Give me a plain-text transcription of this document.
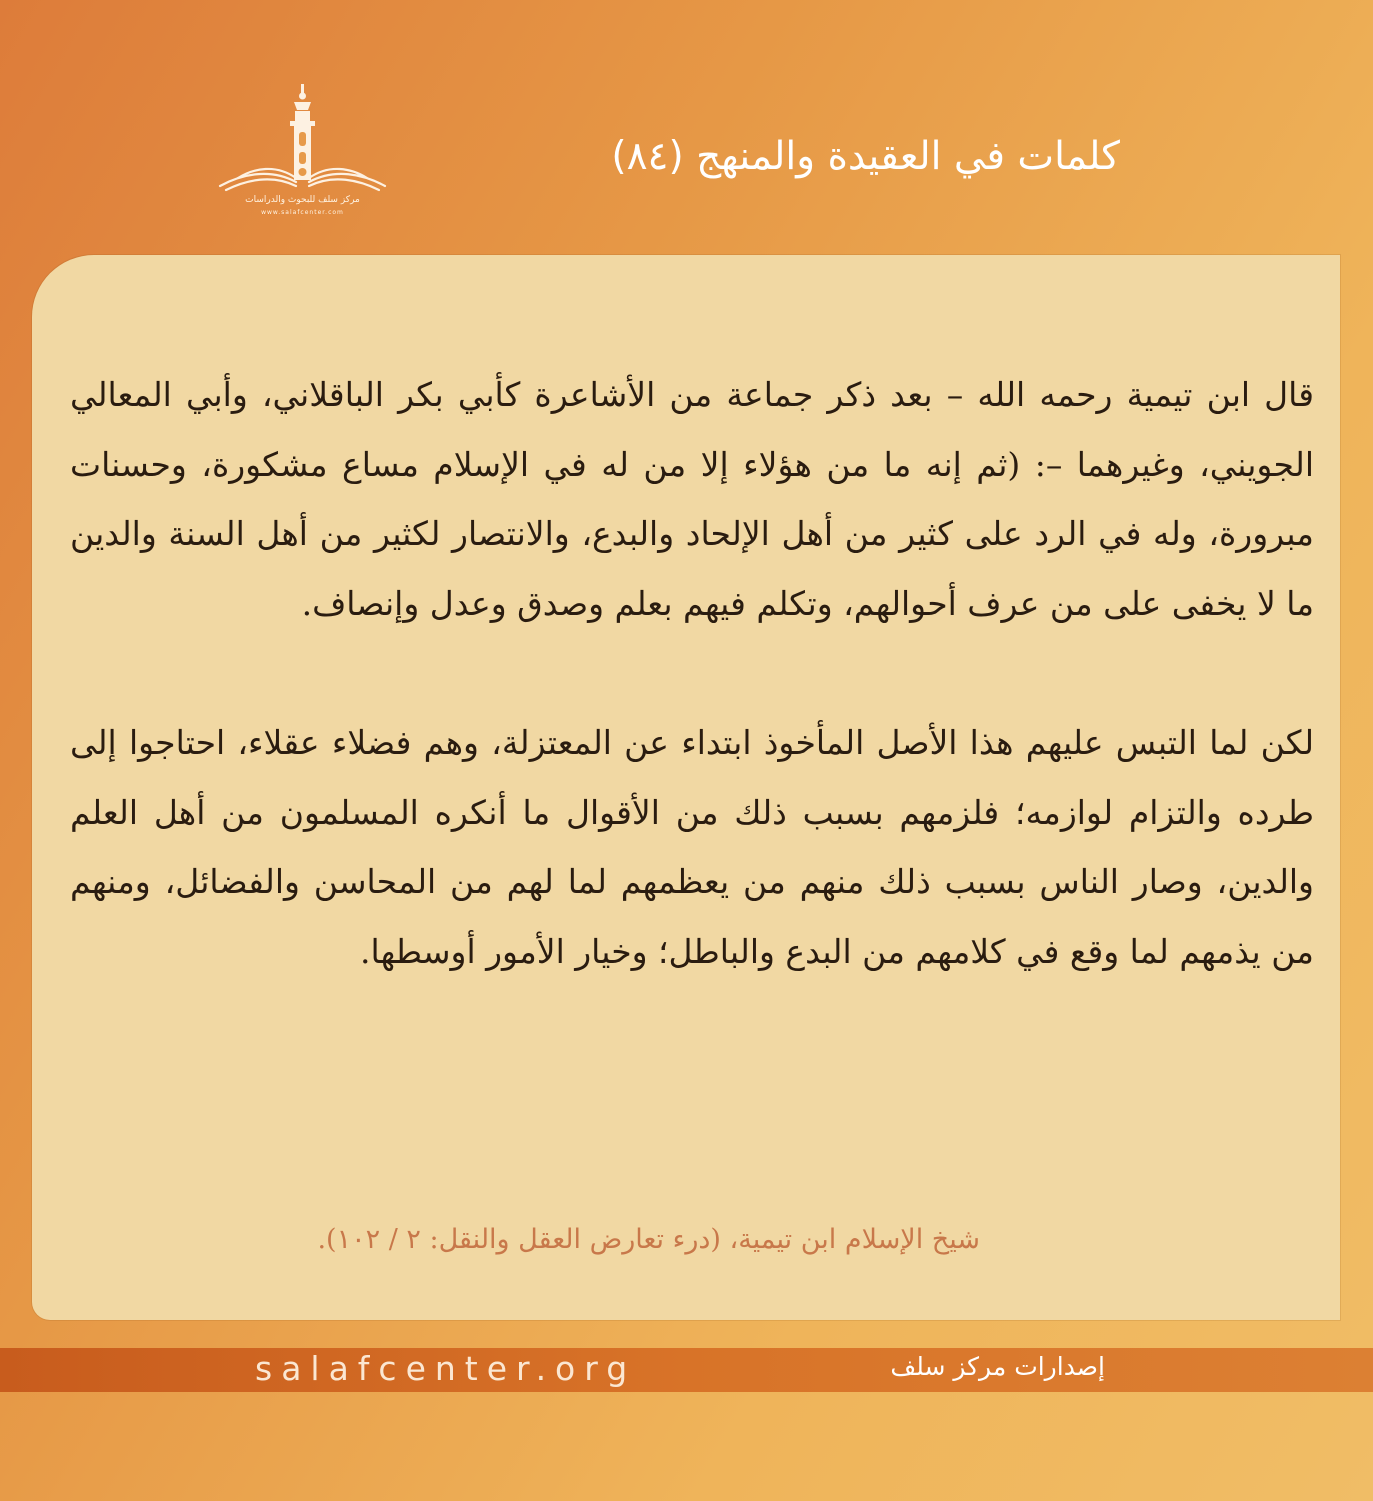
مركز سلف للبحوث والدراسات
www.salafcenter.com
كلمات في العقيدة والمنهج (٨٤)

قال ابن تيمية رحمه الله – بعد ذكر جماعة من الأشاعرة كأبي بكر الباقلاني، وأبي المعالي الجويني، وغيرهما –: (ثم إنه ما من هؤلاء إلا من له في الإسلام مساع مشكورة، وحسنات مبرورة، وله في الرد على كثير من أهل الإلحاد والبدع، والانتصار لكثير من أهل السنة والدين ما لا يخفى على من عرف أحوالهم، وتكلم فيهم بعلم وصدق وعدل وإنصاف.

لكن لما التبس عليهم هذا الأصل المأخوذ ابتداء عن المعتزلة، وهم فضلاء عقلاء، احتاجوا إلى طرده والتزام لوازمه؛ فلزمهم بسبب ذلك من الأقوال ما أنكره المسلمون من أهل العلم والدين، وصار الناس بسبب ذلك منهم من يعظمهم لما لهم من المحاسن والفضائل، ومنهم من يذمهم لما وقع في كلامهم من البدع والباطل؛ وخيار الأمور أوسطها.

شيخ الإسلام ابن تيمية، (درء تعارض العقل والنقل: ٢ / ١٠٢).
salafcenter.org	إصدارات مركز سلف
